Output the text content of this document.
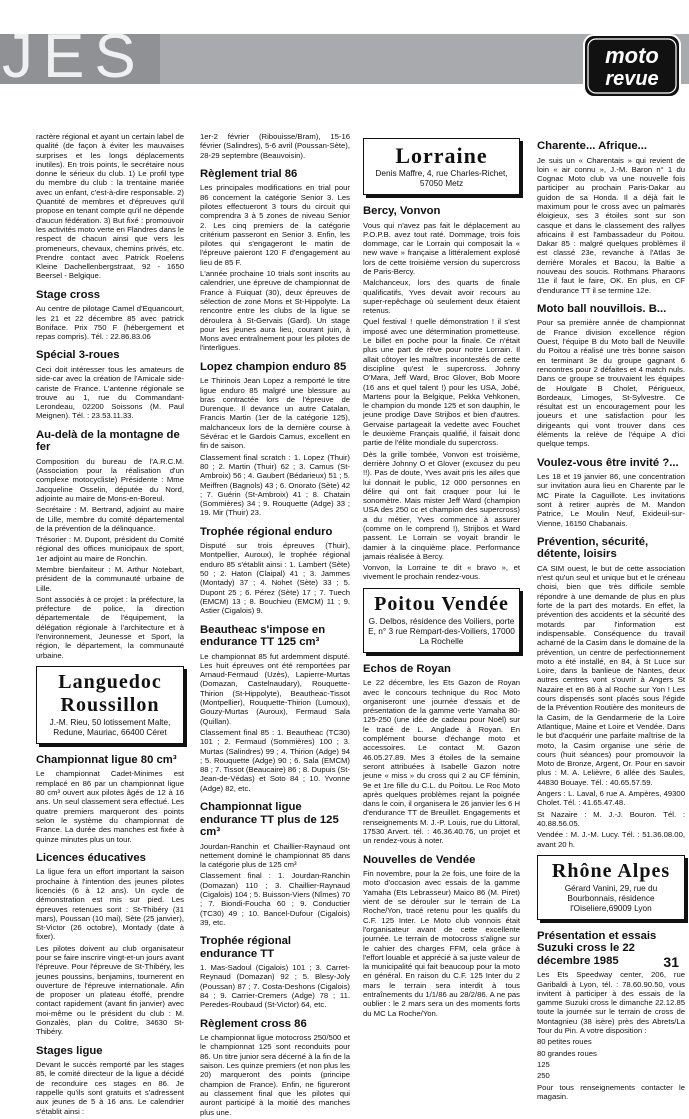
JES	moto
revue

ractère régional et ayant un certain label de qualité (de façon à éviter les mauvaises surprises et les longs déplacements inutiles). En trois points, le secrétaire nous donne le sérieux du club. 1) Le profil type du membre du club : la trentaine mariée avec un enfant, c'est-à-dire responsable. 2) Quantité de membres et d'épreuves qu'il propose en tenant compte qu'il ne dépende d'aucun fédération. 3) But fixé : promouvoir les activités moto verte en Flandres dans le respect de chacun ainsi que vers les promeneurs, chevaux, chemins privés, etc. Prendre contact avec Patrick Roelens Kleine Dachellenbergstraat, 92 - 1650 Beersel - Belgique.

Stage cross

Au centre de pilotage Camel d'Equancourt, les 21 et 22 décembre 85 avec patrick Boniface. Prix 750 F (hébergement et repas compris). Tél. : 22.86.83.06

Spécial 3-roues

Ceci doit intéresser tous les amateurs de side-car avec la création de l'Amicale side-cariste de France. L'antenne régionale se trouve au 1, rue du Commandant-Lerondeau, 02200 Soissons (M. Paul Meignen). Tél. : 23.53.11.33.

Au-delà de la montagne de fer

Composition du bureau de l'A.R.C.M. (Association pour la réalisation d'un complexe motocycliste) Présidente : Mme Jacqueline Osselin, députée du Nord, adjointe au maire de Mons-en-Boreul.

Secrétaire : M. Bertrand, adjoint au maire de Lille, membre du comité départemental de la prévention de la délinquance.

Trésorier : M. Dupont, président du Comité régional des offices municipaux de sport, 1er adjoint au maire de Ronchin.

Membre bienfaiteur : M. Arthur Notebart, président de la communauté urbaine de Lille.

Sont associés à ce projet : la préfecture, la préfecture de police, la direction départementale de l'équipement, la délégation régionale à l'architecture et à l'environnement, Jeunesse et Sport, la région, le département, la communauté urbaine.

Languedoc Roussillon
J.-M. Rieu, 50 lotissement Malte, Redune, Mauriac, 66400 Céret
Championnat ligue 80 cm³

Le championnat Cadet-Minimes est remplacé en 86 par un championnat ligue 80 cm³ ouvert aux pilotes âgés de 12 à 16 ans. Un seul classement sera effectué. Les quatre premiers marqueront des points selon le système du championnat de France. La durée des manches est fixée à quinze minutes plus un tour.

Licences éducatives

La ligue fera un effort important la saison prochaine à l'intention des jeunes pilotes licenciés (6 à 12 ans). Un cycle de démonstration est mis sur pied. Les épreuves retenues sont : St-Thibéry (31 mars), Poussan (10 mai), Sète (25 janvier), St-Victor (26 octobre), Montady (date à fixer).

Les pilotes doivent au club organisateur pour se faire inscrire vingt-et-un jours avant l'épreuve. Pour l'épreuve de St-Thibéry, les jeunes poussins, benjamins, tournerent en ouverture de l'épreuve internationale. Afin de proposer un plateau étoffé, prendre contact rapidement (avant fin janvier) avec moi-même ou le président du club : M. Gonzalès, plan du Colitre, 34630 St-Thibéry.

Stages ligue

Devant le succès remporté par les stages 85, le comité directeur de la ligue a décidé de reconduire ces stages en 86. Je rappelle qu'ils sont gratuits et s'adressent aux jeunes de 5 à 16 ans. Le calendrier s'établit ainsi :

1er-2 février (Ribouisse/Bram), 15-16 février (Salindres), 5-6 avril (Poussan-Sète), 28-29 septembre (Beauvoisin).

Règlement trial 86

Les principales modifications en trial pour 86 concernent la catégorie Senior 3. Les pilotes effectueront 3 tours du circuit qui comprendra 3 à 5 zones de niveau Senior 2. Les cinq premiers de la catégorie critérium passeront en Senior 3. Enfin, les pilotes qui s'engageront le matin de l'épreuve paieront 120 F d'engagement au lieu de 85 F.

L'année prochaine 10 trials sont inscrits au calendrier, une épreuve de championnat de France à Fuiquat (30), deux épreuves de sélection de zone Mons et St-Hippolyte. La rencontre entre les clubs de la ligue se déroulera à St-Gervais (Gard). Un stage pour les jeunes aura lieu, courant juin, à Mons avec entraînement pour les pilotes de l'interligues.

Lopez champion enduro 85

Le Thirinois Jean Lopez a remporté le titre ligue enduro 85 malgré une blessure au bras contractée lors de l'épreuve de Durenque. Il devance un autre Catalan, Francis Martin (1er de la catégorie 125), malchanceux lors de la dernière course à Sévérac et le Gardois Camus, excellent en fin de saison.

Classement final scratch : 1. Lopez (Thuir) 80 ; 2. Martin (Thuir) 62 ; 3. Camus (St-Ambroix) 56 ; 4. Gaubert (Bédarieux) 51 ; 5. Meiffren (Bagnols) 43 ; 6. Onorato (Sète) 42 ; 7. Guérin (St-Ambroix) 41 ; 8. Chatain (Sommières) 34 ; 9. Rouquette (Adge) 33 ; 19. Mir (Thuir) 23.

Trophée régional enduro

Disputé sur trois épreuves (Thuir), Montpellier, Auroux), le trophée régional enduro 85 s'établit ainsi : 1. Lambert (Sète) 50 ; 2. Haton (Claipal) 41 ; 3. Jammes (Montady) 37 ; 4. Nohet (Sète) 33 ; 5. Dupont 25 ; 6. Pérez (Sète) 17 ; 7. Tuech (EMCM) 13 ; 8. Bouchieu (EMCM) 11 ; 9. Astier (Cigalois) 9.

Beautheac s'impose en endurance TT 125 cm³

Le championnat 85 fut ardemment disputé. Les huit épreuves ont été remportées par Arnaud-Fermaud (Uzès), Lapierre-Murtas (Domazan, Castelnaudary), Rouquette-Thirion (St-Hippolyte), Beautheac-Tissot (Montpellier), Rouquette-Thirion (Lumoux), Gouzy-Murtas (Auroux), Fermaud Sala (Quillan).

Classement final 85 : 1. Beautheac (TC30) 101 ; 2. Fermaud (Sommières) 100 ; 3. Murtas (Salindres) 99 ; 4. Thirion (Adge) 94 ; 5. Rouquette (Adge) 90 ; 6. Sala (EMCM) 88 ; 7. Tissot (Beaucaire) 86 ; 8. Dupuis (St-Jean-de-Védas) et Soto 84 ; 10. Yvonne (Adge) 82, etc.

Championnat ligue endurance TT plus de 125 cm³

Jourdan-Ranchin et Chaillier-Raynaud ont nettement dominé le championnat 85 dans la catégorie plus de 125 cm³

Classement final : 1. Jourdan-Ranchin (Domazan) 110 ; 3. Chaillier-Raynaud (Cigalois) 104 ; 5. Buisson-Viers (Nîmes) 70 ; 7. Biondi-Foucha 60 ; 9. Conductier (TC30) 49 ; 10. Bancel-Dufour (Cigalois) 39, etc.

Trophée régional endurance TT

1. Mas-Sadoul (Cigalois) 101 ; 3. Carret-Reynaud (Domazan) 92 ; 5. Blesy-Joly (Poussan) 87 ; 7. Costa-Deshons (Cigalois) 84 ; 9. Carrier-Cremers (Adge) 78 ; 11. Peredes-Roubaud (St-Victor) 64, etc.

Règlement cross 86

Le championnat ligue motocross 250/500 et le championnat 125 sont reconduits pour 86. Un titre junior sera décerné à la fin de la saison. Les quinze premiers (et non plus les 20) marqueront des points (principe champion de France). Enfin, ne figureront au classement final que les pilotes qui auront participé à la moitié des manches plus une.

Lorraine
Denis Maffre, 4, rue Charles-Richet, 57050 Metz
Bercy, Vonvon

Vous qui n'avez pas fait le déplacement au P.O.P.B. avez tout raté. Dommage, trois fois dommage, car le Lorrain qui composait la « new wave » française a littéralement explosé lors de cette troisième version du supercross de Paris-Bercy.

Malchanceux, lors des quarts de finale qualificatifs, Yves devait avoir recours au super-repêchage où seulement deux étaient retenus.

Quel festival ! quelle démonstration ! il s'est imposé avec une détermination prometteuse. Le billet en poche pour la finale. Ce n'était plus une part de rêve pour notre Lorrain. Il allait côtoyer les maîtres incontestés de cette discipline qu'est le supercross. Johnny O'Mara, Jeff Ward, Broc Glover, Bob Moore (16 ans et quel talent !) pour les USA, Jobé, Martens pour la Belgique, Pekka Vehkonen, le champion du monde 125 et son dauphin, le jeune prodige Dave Strijbos et bien d'autres. Gervaise partageait la vedette avec Fouchet le deuxième Français qualifié, il faisait donc partie de l'élite mondiale du supercross.

Dès la grille tombée, Vonvon est troisième, derrière Johnny O et Glover (excusez du peu !!). Pas de doute, Yves avait pris les ailes que lui donnait le public, 12 000 personnes en délire qui ont fait craquer pour lui le sonomètre. Mais mister Jeff Ward (champion USA des 250 cc et champion des supercross) a du métier, Yves commence à assurer (comme on le comprend !), Strijbos et Ward passent. Le Lorrain se voyait brandir le damier à la cinquième place. Performance jamais réalisée à Bercy.

Vonvon, la Lorraine te dit « bravo », et vivement le prochain rendez-vous.

Poitou Vendée
G. Delbos, résidence des Voiliers, porte E, n° 3 rue Rempart-des-Voiliers, 17000 La Rochelle
Echos de Royan

Le 22 décembre, les Ets Gazon de Royan avec le concours technique du Roc Moto organiseront une journée d'essais et de présentation de la gamme verte Yamaha 80-125-250 (une idée de cadeau pour Noël) sur le tracé de L. Anglade à Royan. En complément bourse d'échange moto et accessoires. Le contact M. Gazon 46.05.27.89. Mes 3 étoiles de la semaine seront attribuées à Isabelle Gazon notre jeune « miss » du cross qui 2 au CF féminin, 9e et 1re fille du C.L. du Poitou. Le Roc Moto après quelques problèmes rejant la poignée dans le coin, il organisera le 26 janvier les 6 H d'endurance TT de Breuillet. Engagements et renseignements M. J.-P. Louis, rue du Littoral, 17530 Arvert. tél. : 46.36.40.76, un projet et un rendez-vous à noter.

Nouvelles de Vendée

Fin novembre, pour la 2e fois, une foire de la moto d'occasion avec essais de la gamme Yamaha (Ets Lebrasseur) Maico 86 (M. Piret) vient de se dérouler sur le terrain de La Roche/Yon, tracé retenu pour les qualifs du C.F. 125 Inter. Le Moto club vonnois était l'organisateur avant de cette excellente journée. Le terrain de motocross s'aligne sur le cahier des charges FFM, cela grâce à l'effort louable et apprécié à sa juste valeur de la municipalité qui fait beaucoup pour la moto en général. En raison du C.F. 125 Inter du 2 mars le terrain sera interdit à tous entraînements du 1/1/86 au 28/2/86. A ne pas oublier : le 2 mars sera un des moments forts du MC La Roche/Yon.

Charente... Afrique...

Je suis un « Charentais » qui revient de loin « air connu », J.-M. Baron n° 1 du Cognac Moto club va une nouvelle fois participer au prochain Paris-Dakar au guidon de sa Honda. Il a déjà fait le maximum pour le cross avec un palmarès éloigieux, ses 3 étoiles sont sur son casque et dans le classement des rallyes africains il est l'ambassadeur du Poitou. Dakar 85 : malgré quelques problèmes il est classé 23e, revanche à l'Atlas 3e derrière Morales et Bacou, la Baltie a nouveau des soucis. Rothmans Pharaons 11e il faut le faire, OK. En plus, en CF d'endurance TT il se termine 12e.

Moto ball nouvillois. B...

Pour sa première année de championnat de France division excellence région Ouest, l'équipe B du Moto ball de Neuville du Poitou a réalisé une très bonne saison en terminant 3e du groupe gagnant 6 rencontres pour 2 défaites et 4 match nuls. Dans ce groupe se trouvaient les équipes de Houlgate B Cholet, Périgueux, Bordeaux, Limoges, St-Sylvestre. Ce résultat est un encouragement pour les joueurs et une satisfaction pour les dirigeants qui vont trouver dans ces éléments la relève de l'équipe A d'ici quelque temps.

Voulez-vous être invité ?...

Les 18 et 19 janvier 86, une concentration sur invitation aura lieu en Charente par le MC Pirate la Caguillote. Les invitations sont à retirer auprès de M. Mandon Patrice, Le Moulin Neuf, Exideuil-sur-Vienne, 16150 Chabanais.

Prévention, sécurité, détente, loisirs

CA SIM ouest, le but de cette association n'est qu'un seul et unique but et le créneau choisi, bien que très difficile semble répondre à une demande de plus en plus forte de la part des motards. En effet, la prévention des accidents et la sécurité des motards par l'information est indispensable. Conséquence du travail acharné de la Casim dans le domaine de la prévention, un centre de perfectionnement moto a été installé, en 84, à St Luce sur Loire, dans la banlieue de Nantes, deux autres centres vont s'ouvrir à Angers St Nazaire et en 86 à al Roche sur Yon ! Les cours dispensés sont placés sous l'égide de la Prévention Routière des moniteurs de la Casim, de la Gendarmerie de la Loire Atlantique, Maine et Loire et Vendée. Dans le but d'acquérir une parfaite maîtrise de la moto, la Casim organise une série de cours (huit séances) pour promouvoir la Moto de Bronze, Argent, Or. Pour en savoir plus : M. A. Lelièvre, 6 allée des Saules, 44830 Bouaye. Tél. : 40.65.57.59.

Angers : L. Laval, 6 rue A. Ampères, 49300 Cholet. Tél. : 41.65.47.48.

St Nazaire : M. J.-J. Bouron. Tél. : 40.88.56.05.

Vendée : M. J.-M. Lucy. Tél. : 51.36.08.00, avant 20 h.

Rhône Alpes
Gérard Vanini, 29, rue du Bourbonnais, résidence l'Oiseliere,69009 Lyon
Présentation et essais Suzuki cross le 22 décembre 1985

Les Ets Speedway center, 206, rue Garibaldi à Lyon, tél. : 78.60.90.50, vous invitent à participer à des essais de la gamme Suzuki cross le dimanche 22.12.85 toute la journée sur le terrain de cross de Montagnieu (38 isère) près des Abrets/La Tour du Pin. A votre disposition :

80 petites roues

80 grandes roues

125

250

Pour tous renseignements contacter le magasin.

31
